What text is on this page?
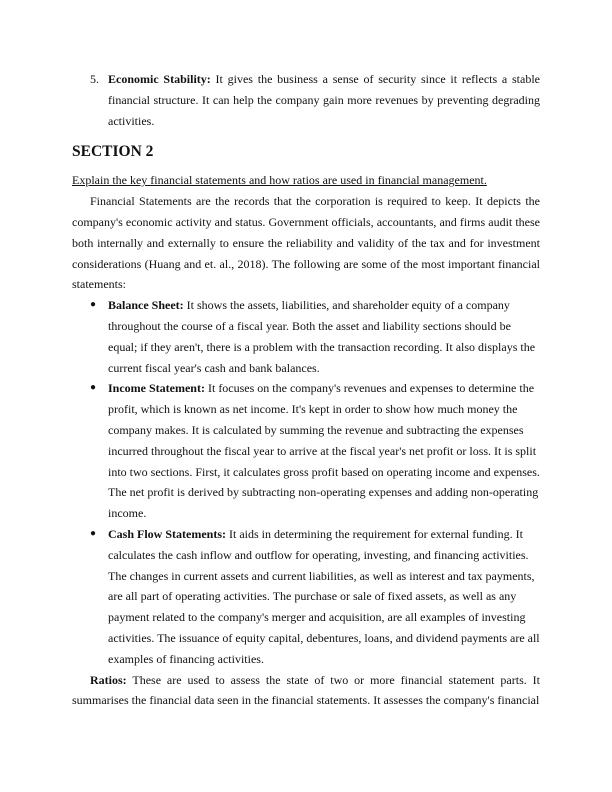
5. Economic Stability: It gives the business a sense of security since it reflects a stable financial structure. It can help the company gain more revenues by preventing degrading activities.

SECTION 2

Explain the key financial statements and how ratios are used in financial management.

Financial Statements are the records that the corporation is required to keep. It depicts the company's economic activity and status. Government officials, accountants, and firms audit these both internally and externally to ensure the reliability and validity of the tax and for investment considerations (Huang and et. al., 2018). The following are some of the most important financial statements:

● Balance Sheet: It shows the assets, liabilities, and shareholder equity of a company throughout the course of a fiscal year. Both the asset and liability sections should be equal; if they aren't, there is a problem with the transaction recording. It also displays the current fiscal year's cash and bank balances.
● Income Statement: It focuses on the company's revenues and expenses to determine the profit, which is known as net income. It's kept in order to show how much money the company makes. It is calculated by summing the revenue and subtracting the expenses incurred throughout the fiscal year to arrive at the fiscal year's net profit or loss. It is split into two sections. First, it calculates gross profit based on operating income and expenses. The net profit is derived by subtracting non-operating expenses and adding non-operating income.
● Cash Flow Statements: It aids in determining the requirement for external funding. It calculates the cash inflow and outflow for operating, investing, and financing activities. The changes in current assets and current liabilities, as well as interest and tax payments, are all part of operating activities. The purchase or sale of fixed assets, as well as any payment related to the company's merger and acquisition, are all examples of investing activities. The issuance of equity capital, debentures, loans, and dividend payments are all examples of financing activities.

Ratios: These are used to assess the state of two or more financial statement parts. It summarises the financial data seen in the financial statements. It assesses the company's financial
